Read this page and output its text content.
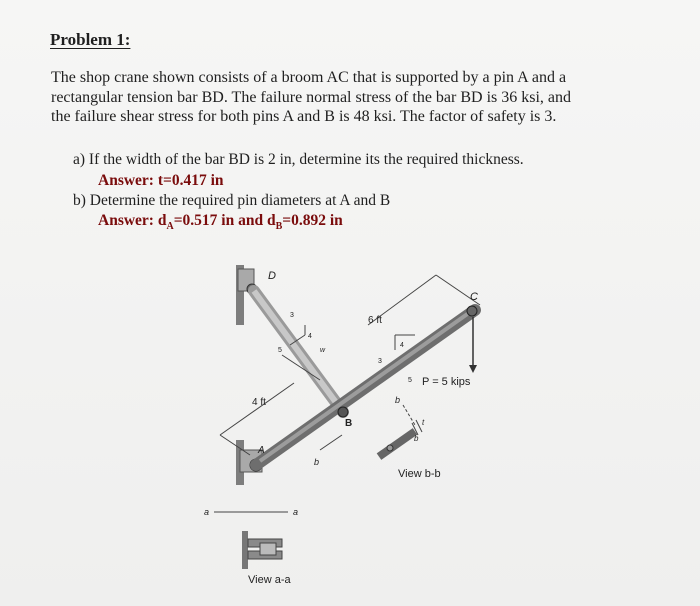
Problem 1:

The shop crane shown consists of a broom AC that is supported by a pin A and a
rectangular tension bar BD. The failure normal stress of the bar BD is 36 ksi, and
the failure shear stress for both pins A and B is 48 ksi. The factor of safety is 3.

a) If the width of the bar BD is 2 in, determine its the required thickness.
Answer: t=0.417 in
b) Determine the required pin diameters at A and B
Answer: $d_A=0.517$ in and $d_B=0.892$ in
D
C
B
A
6 ft
4 ft
3
4
5	w
3
4
5 P = 5 kips
b
b
b
t
a	a
View b-b
View a-a
